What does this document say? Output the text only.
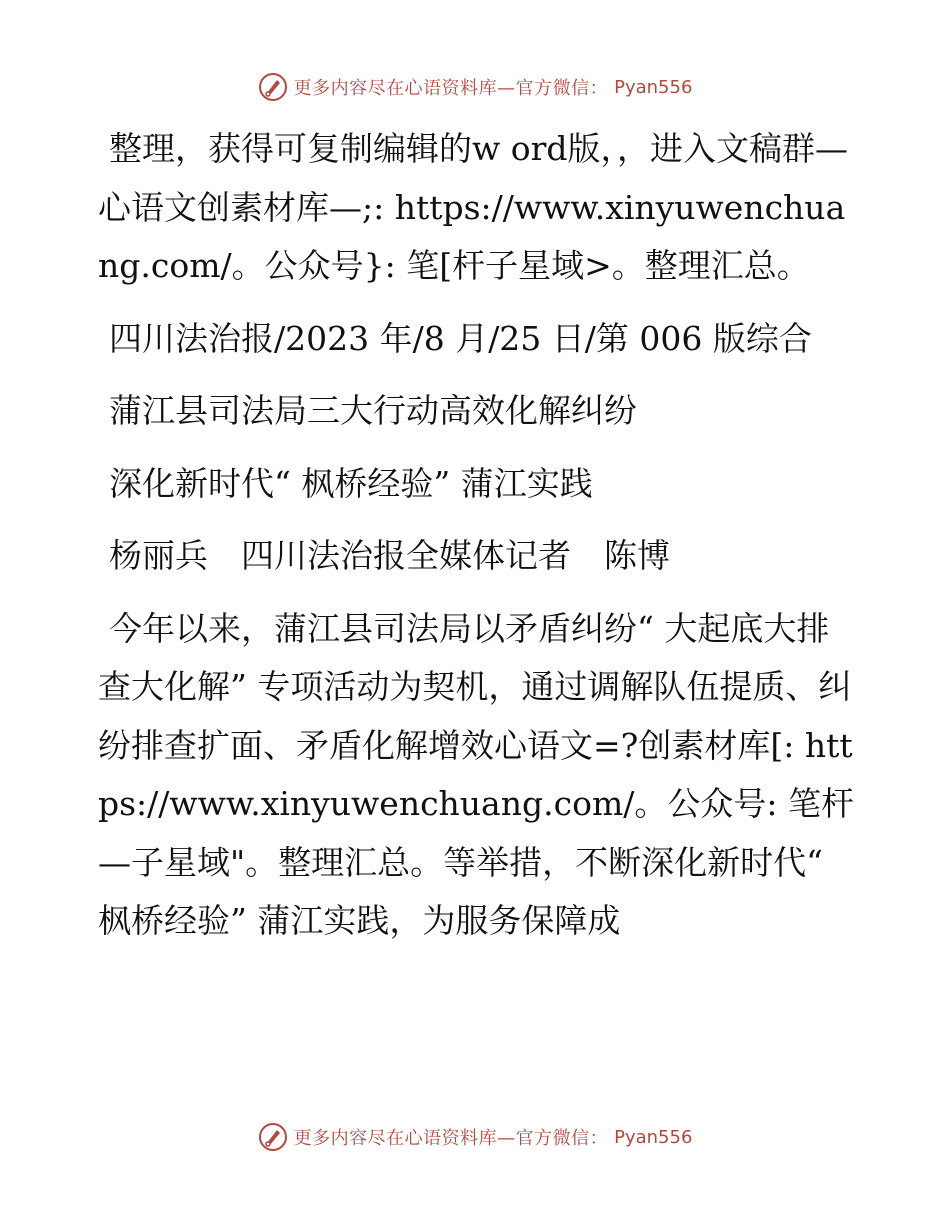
更多内容尽在心语资料库—官方微信： Pyan556

整理，获得可复制编辑的w ord版，，进入文稿群—心语文创素材库—;: https://www.xinyuwenchuang.com/。公众号}: 笔[杆子星域>。整理汇总。

四川法治报/2023 年/8 月/25 日/第 006 版综合

蒲江县司法局三大行动高效化解纠纷

深化新时代“ 枫桥经验” 蒲江实践

杨丽兵　四川法治报全媒体记者　陈博

今年以来，蒲江县司法局以矛盾纠纷“ 大起底大排查大化解” 专项活动为契机，通过调解队伍提质、纠纷排查扩面、矛盾化解增效心语文=?创素材库[: https://www.xinyuwenchuang.com/。公众号: 笔杆—子星域"。整理汇总。等举措，不断深化新时代“ 枫桥经验” 蒲江实践，为服务保障成

更多内容尽在心语资料库—官方微信： Pyan556
